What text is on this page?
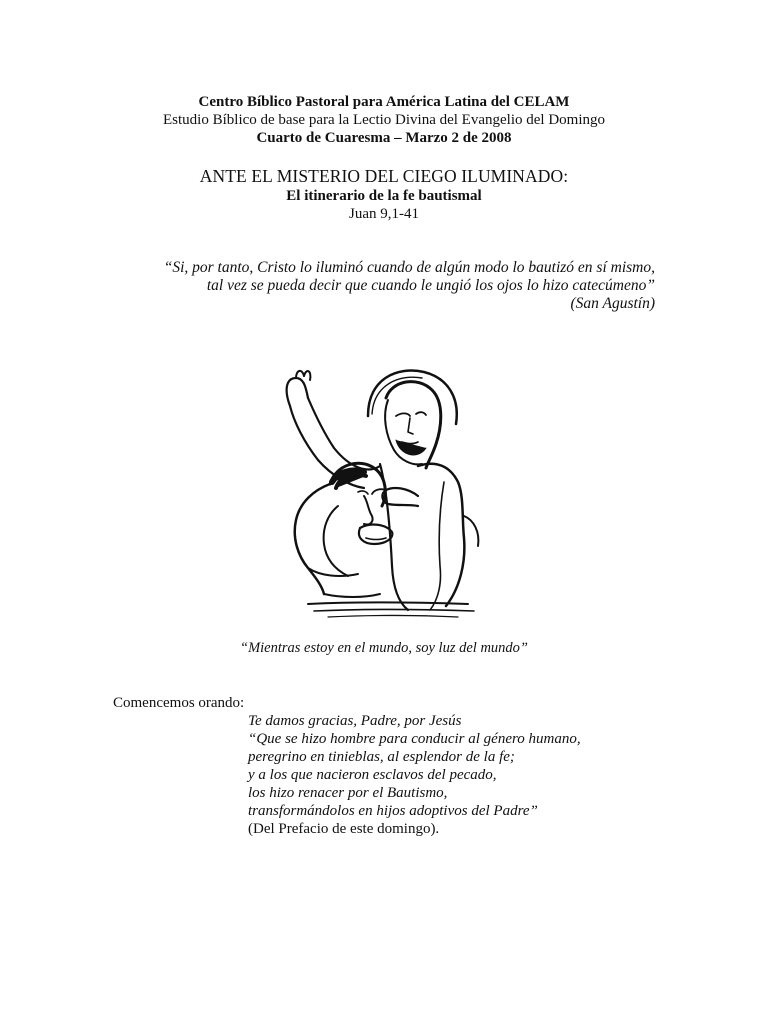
Centro Bíblico Pastoral para América Latina del CELAM
Estudio Bíblico de base para la Lectio Divina del Evangelio del Domingo
Cuarto de Cuaresma – Marzo 2 de 2008
ANTE EL MISTERIO DEL CIEGO ILUMINADO:
El itinerario de la fe bautismal
Juan 9,1-41
“Si, por tanto, Cristo lo iluminó cuando de algún modo lo bautizó en sí mismo,
tal vez se pueda decir que cuando le ungió los ojos lo hizo catecúmeno”
(San Agustín)
“Mientras estoy en el mundo, soy luz del mundo”
Comencemos orando:
Te damos gracias, Padre, por Jesús
“Que se hizo hombre para conducir al género humano,
peregrino en tinieblas, al esplendor de la fe;
y a los que nacieron esclavos del pecado,
los hizo renacer por el Bautismo,
transformándolos en hijos adoptivos del Padre”
(Del Prefacio de este domingo).
